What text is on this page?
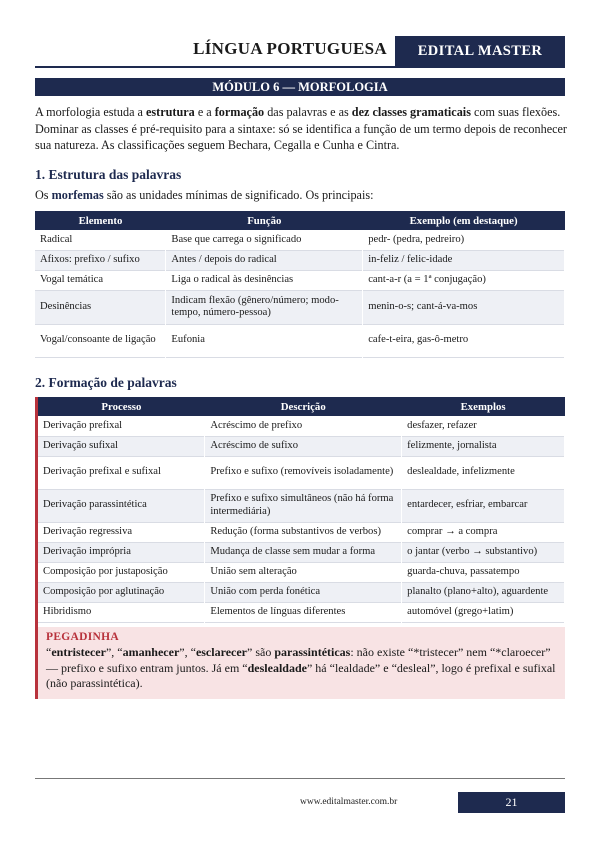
LÍNGUA PORTUGUESA	EDITAL MASTER
MÓDULO 6 — MORFOLOGIA

A morfologia estuda a estrutura e a formação das palavras e as dez classes gramaticais com suas flexões. Dominar as classes é pré-requisito para a sintaxe: só se identifica a função de um termo depois de reconhecer sua natureza. As classificações seguem Bechara, Cegalla e Cunha e Cintra.

1. Estrutura das palavras

Os morfemas são as unidades mínimas de significado. Os principais:

Elemento	Função	Exemplo (em destaque)
Radical	Base que carrega o significado	pedr- (pedra, pedreiro)
Afixos: prefixo / sufixo	Antes / depois do radical	in-feliz / felic-idade
Vogal temática	Liga o radical às desinências	cant-a-r (a = 1ª conjugação)
Desinências	Indicam flexão (gênero/número; modo-tempo, número-pessoa)	menin-o-s; cant-á-va-mos
Vogal/consoante de ligação	Eufonia	cafe-t-eira, gas-ô-metro
2. Formação de palavras
Processo	Descrição	Exemplos
Derivação prefixal	Acréscimo de prefixo	desfazer, refazer
Derivação sufixal	Acréscimo de sufixo	felizmente, jornalista
Derivação prefixal e sufixal	Prefixo e sufixo (removíveis isoladamente)	deslealdade, infelizmente
Derivação parassintética	Prefixo e sufixo simultâneos (não há forma intermediária)	entardecer, esfriar, embarcar
Derivação regressiva	Redução (forma substantivos de verbos)	comprar → a compra
Derivação imprópria	Mudança de classe sem mudar a forma	o jantar (verbo → substantivo)
Composição por justaposição	União sem alteração	guarda-chuva, passatempo
Composição por aglutinação	União com perda fonética	planalto (plano+alto), aguardente
Hibridismo	Elementos de línguas diferentes	automóvel (grego+latim)
PEGADINHA

“entristecer”, “amanhecer”, “esclarecer” são parassintéticas: não existe “*tristecer” nem “*claroecer” — prefixo e sufixo entram juntos. Já em “deslealdade” há “lealdade” e “desleal”, logo é prefixal e sufixal (não parassintética).

www.editalmaster.com.br	21
